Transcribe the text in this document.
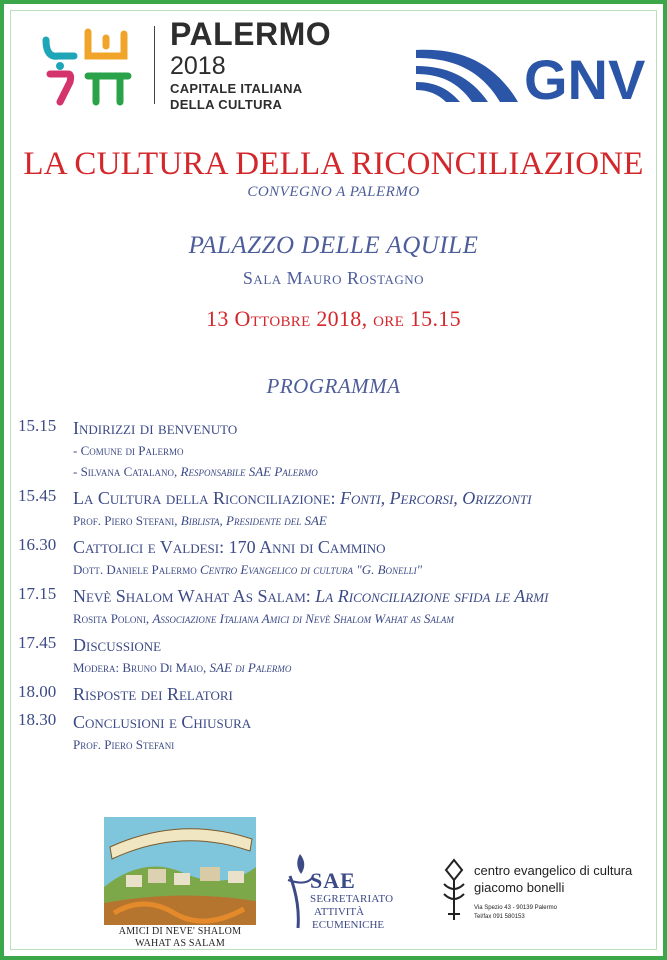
PALERMO
2018
CAPITALE ITALIANA
DELLA CULTURA	GNV
LA CULTURA DELLA RICONCILIAZIONE
CONVEGNO A PALERMO
PALAZZO DELLE AQUILE
Sala Mauro Rostagno
13 Ottobre 2018, ore 15.15
PROGRAMMA
15.15 Indirizzi di benvenuto
- Comune di Palermo
- Silvana Catalano, Responsabile SAE Palermo
15.45 La Cultura della Riconciliazione: Fonti, Percorsi, Orizzonti
Prof. Piero Stefani, Biblista, Presidente del SAE
16.30 Cattolici e Valdesi: 170 Anni di Cammino
Dott. Daniele Palermo Centro Evangelico di cultura "G. Bonelli"
17.15 Nevè Shalom Wahat As Salam: La Riconciliazione sfida le Armi
Rosita Poloni, Associazione Italiana Amici di Nevè Shalom Wahat as Salam
17.45 Discussione
Modera: Bruno Di Maio, SAE di Palermo
18.00 Risposte dei Relatori
18.30 Conclusioni e Chiusura
Prof. Piero Stefani
AMICI DI NEVE' SHALOM
WAHAT AS SALAM
SAE
SEGRETARIATO
ATTIVITÀ
ECUMENICHE
centro evangelico di cultura
giacomo bonelli
Via Spezio 43 - 90139 Palermo
Tel/fax 091 580153
